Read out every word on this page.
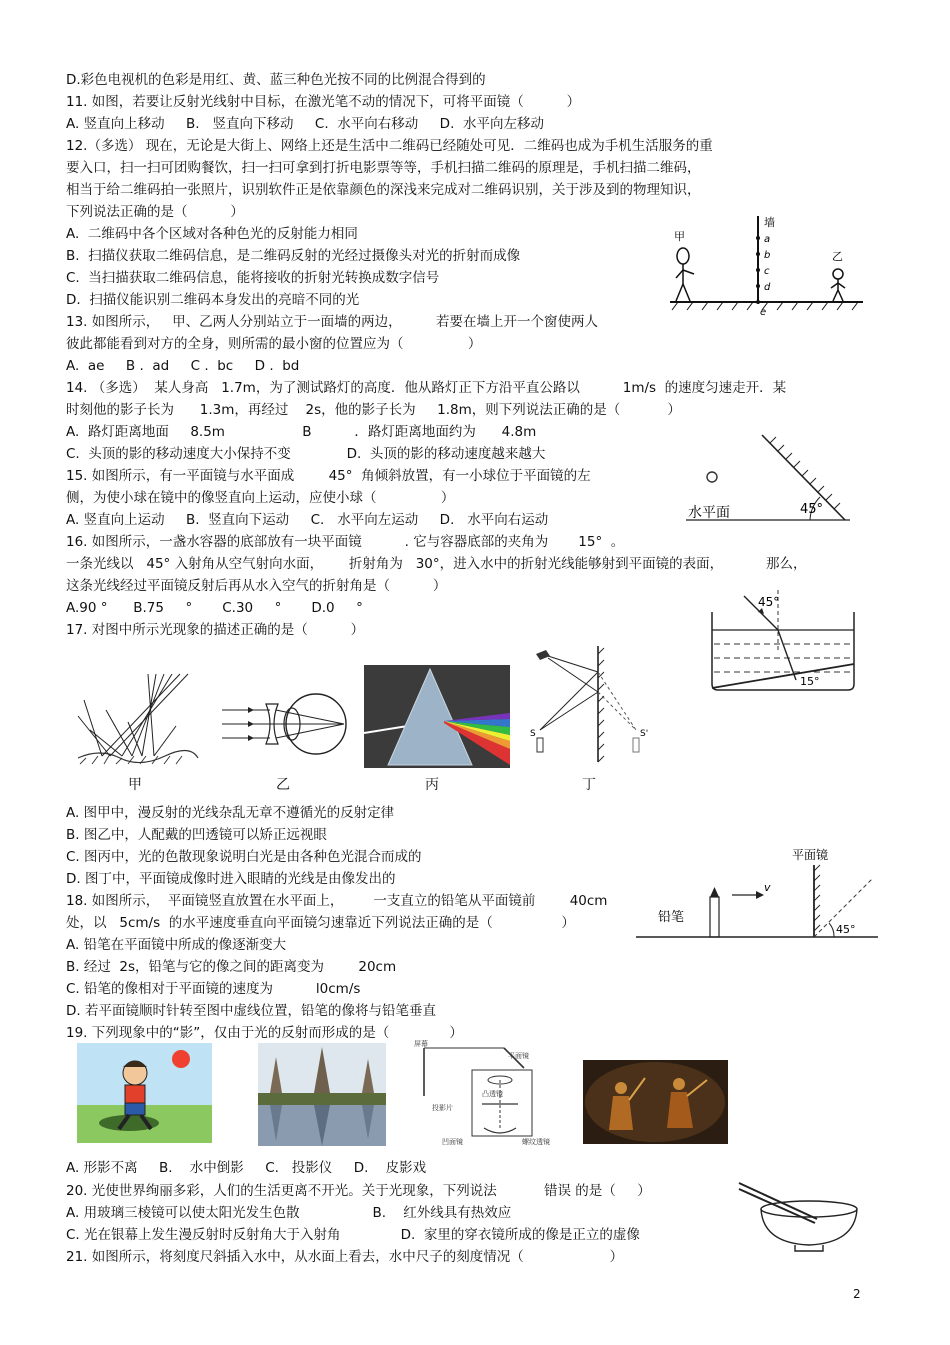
D.彩色电视机的色彩是用红、黄、蓝三种色光按不同的比例混合得到的
11. 如图，若要让反射光线射中目标，在激光笔不动的情况下，可将平面镜（          ）
A. 竖直向上移动     B.   竖直向下移动     C.  水平向右移动     D.  水平向左移动
12.（多选） 现在，无论是大街上、网络上还是生活中二维码已经随处可见．二维码也成为手机生活服务的重
要入口，扫一扫可团购餐饮，扫一扫可拿到打折电影票等等，手机扫描二维码的原理是，手机扫描二维码，
相当于给二维码拍一张照片，识别软件正是依靠颜色的深浅来完成对二维码识别，关于涉及到的物理知识，
下列说法正确的是（          ）
A.  二维码中各个区域对各种色光的反射能力相同
B.  扫描仪获取二维码信息，是二维码反射的光经过摄像头对光的折射而成像
C.  当扫描获取二维码信息，能将接收的折射光转换成数字信号
D.  扫描仪能识别二维码本身发出的亮暗不同的光
13. 如图所示，   甲、乙两人分别站立于一面墙的两边，        若要在墙上开一个窗使两人
彼此都能看到对方的全身，则所需的最小窗的位置应为（               ）
A.  ae     B .  ad     C .  bc     D .  bd
14. （多选）  某人身高   1.7m，为了测试路灯的高度．他从路灯正下方沿平直公路以          1m/s  的速度匀速走开．某
时刻他的影子长为      1.3m，再经过    2s，他的影子长为     1.8m，则下列说法正确的是（           ）
A.  路灯距离地面     8.5m                  B          ．路灯距离地面约为      4.8m
C.  头顶的影的移动速度大小保持不变             D.  头顶的影的移动速度越来越大
15. 如图所示，有一平面镜与水平面成        45°  角倾斜放置，有一小球位于平面镜的左
侧，为使小球在镜中的像竖直向上运动，应使小球（               ）
A. 竖直向上运动     B.  竖直向下运动     C.   水平向左运动     D.   水平向右运动
16. 如图所示，一盏水容器的底部放有一块平面镜          . 它与容器底部的夹角为       15°  。
一条光线以   45° 入射角从空气射向水面，      折射角为   30°，进入水中的折射光线能够射到平面镜的表面，          那么，
这条光线经过平面镜反射后再从水入空气的折射角是（          ）
A.90 °      B.75     °       C.30     °       D.0     °
17. 对图中所示光现象的描述正确的是（          ）
A. 图甲中，漫反射的光线杂乱无章不遵循光的反射定律
B. 图乙中，人配戴的凹透镜可以矫正远视眼
C. 图丙中，光的色散现象说明白光是由各种色光混合而成的
D. 图丁中，平面镜成像时进入眼睛的光线是由像发出的
18. 如图所示，  平面镜竖直放置在水平面上，       一支直立的铅笔从平面镜前        40cm
处，以   5cm/s  的水平速度垂直向平面镜匀速靠近下列说法正确的是（                ）
A. 铅笔在平面镜中所成的像逐渐变大
B. 经过  2s，铅笔与它的像之间的距离变为        20cm
C. 铅笔的像相对于平面镜的速度为          l0cm/s
D. 若平面镜顺时针转至图中虚线位置，铅笔的像将与铅笔垂直
19. 下列现象中的“影”，仅由于光的反射而形成的是（              ）
A. 形影不离     B.    水中倒影     C.   投影仪     D.    皮影戏
20. 光使世界绚丽多彩，人们的生活更离不开光。关于光现象，下列说法           错误 的是（     ）
A. 用玻璃三棱镜可以使太阳光发生色散                 B.    红外线具有热效应
C. 光在银幕上发生漫反射时反射角大于入射角              D.  家里的穿衣镜所成的像是正立的虚像
21. 如图所示，将刻度尺斜插入水中，从水面上看去，水中尺子的刻度情况（                    ）
墙
a
b
c
d
e
甲
乙
45°
水平面
45°
15°
S	S'
甲	乙	丙	丁
v
平面镜
铅笔
45°
屏幕
平面镜
凸透镜
投影片
凹面镜	螺纹透镜
2
